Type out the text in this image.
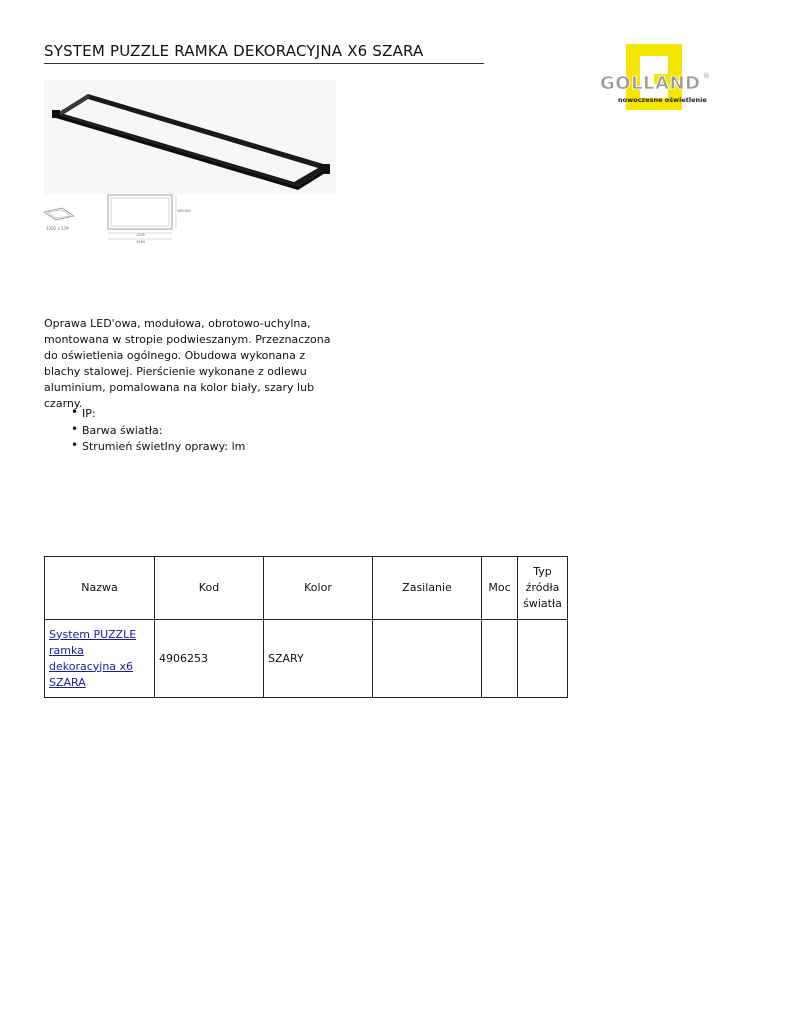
SYSTEM PUZZLE RAMKA DEKORACYJNA X6 SZARA
GOLLAND ®
nowoczesne oświetlenie
1202 x 179
1205
1264
180 180

Oprawa LED'owa, modułowa, obrotowo-uchylna, montowana w stropie podwieszanym. Przeznaczona do oświetlenia ogólnego. Obudowa wykonana z blachy stalowej. Pierścienie wykonane z odlewu aluminium, pomalowana na kolor biały, szary lub czarny.

• IP:
• Barwa światła:
• Strumień świetlny oprawy: lm
Nazwa	Kod	Kolor	Zasilanie	Moc	Typ źródła światła
System PUZZLE ramka dekoracyjna x6 SZARA	4906253	SZARY			
